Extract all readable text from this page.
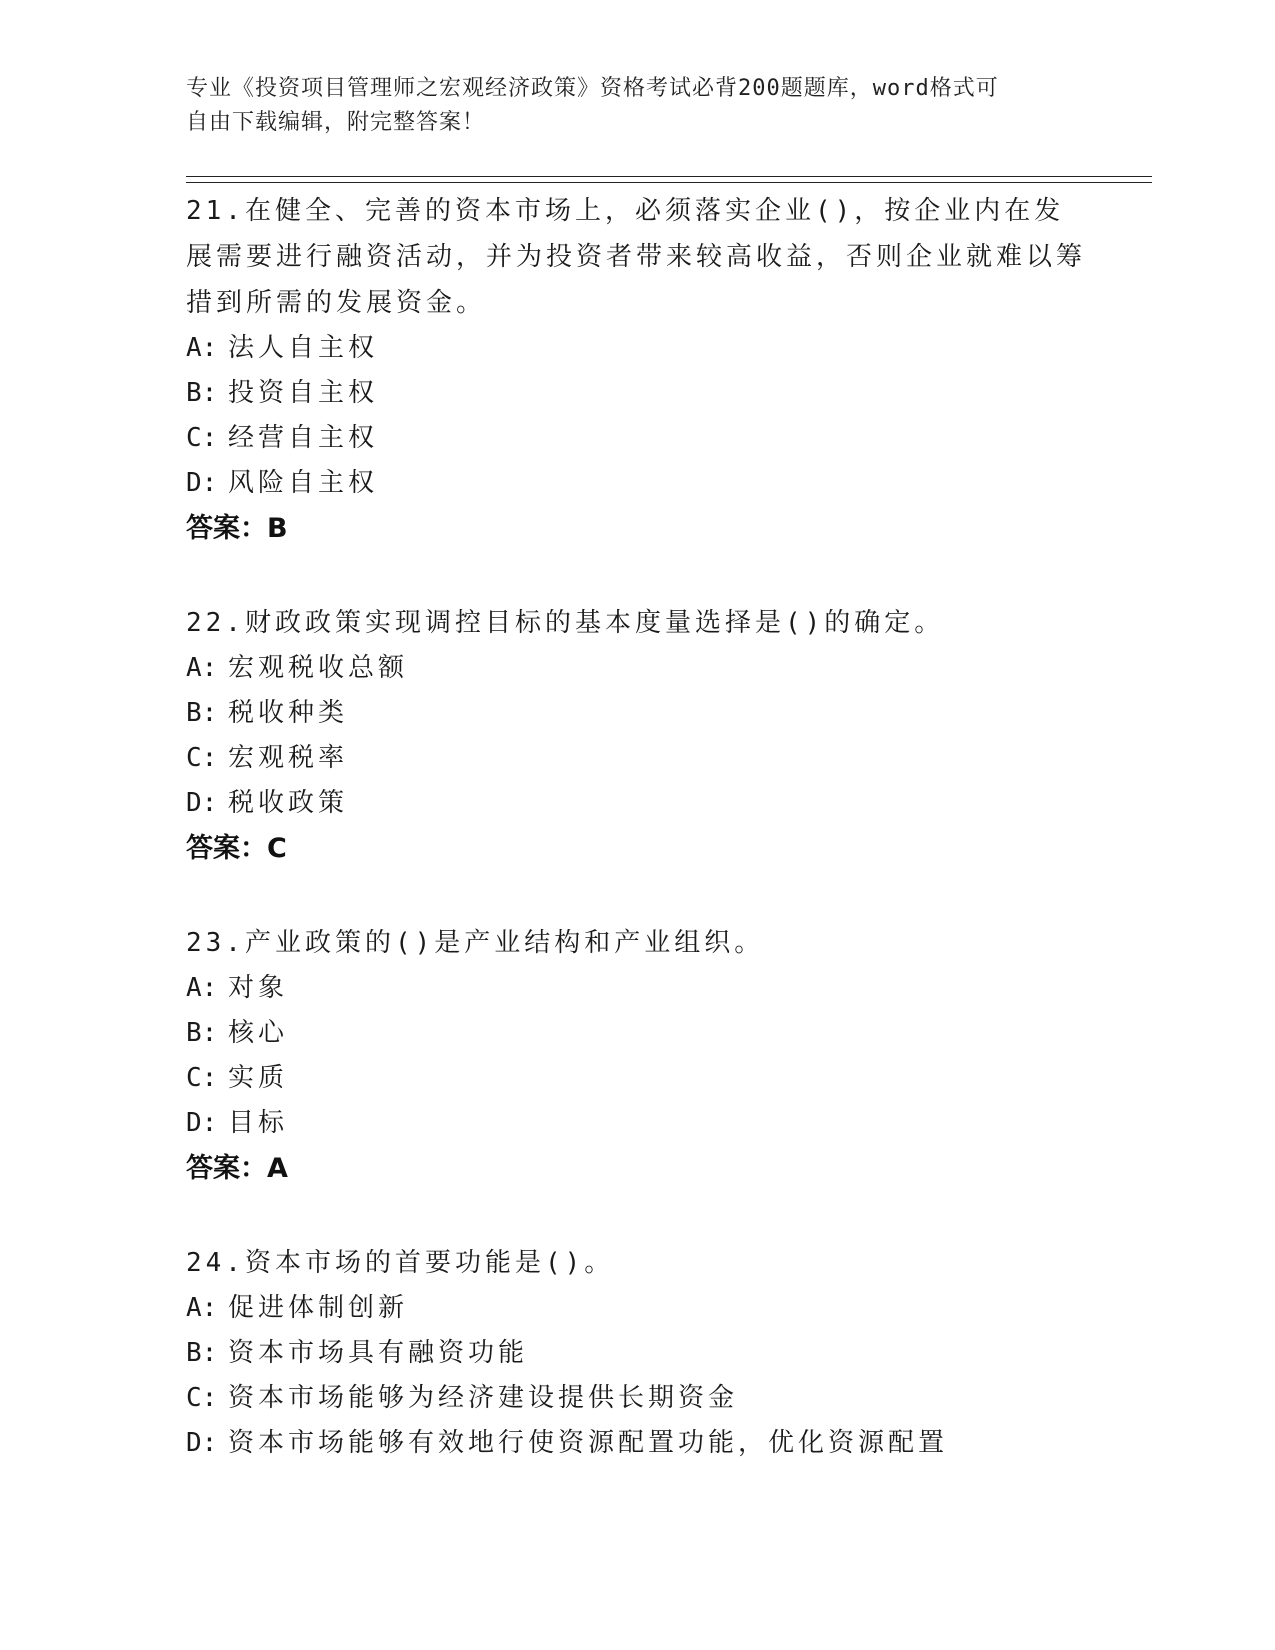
专业《投资项目管理师之宏观经济政策》资格考试必背200题题库，word格式可
自由下载编辑，附完整答案！

21.在健全、完善的资本市场上，必须落实企业()，按企业内在发展需要进行融资活动，并为投资者带来较高收益，否则企业就难以筹措到所需的发展资金。

A: 法人自主权

B: 投资自主权

C: 经营自主权

D: 风险自主权

答案：B

22.财政政策实现调控目标的基本度量选择是()的确定。

A: 宏观税收总额

B: 税收种类

C: 宏观税率

D: 税收政策

答案：C

23.产业政策的()是产业结构和产业组织。

A: 对象

B: 核心

C: 实质

D: 目标

答案：A

24.资本市场的首要功能是()。

A: 促进体制创新

B: 资本市场具有融资功能

C: 资本市场能够为经济建设提供长期资金

D: 资本市场能够有效地行使资源配置功能，优化资源配置
